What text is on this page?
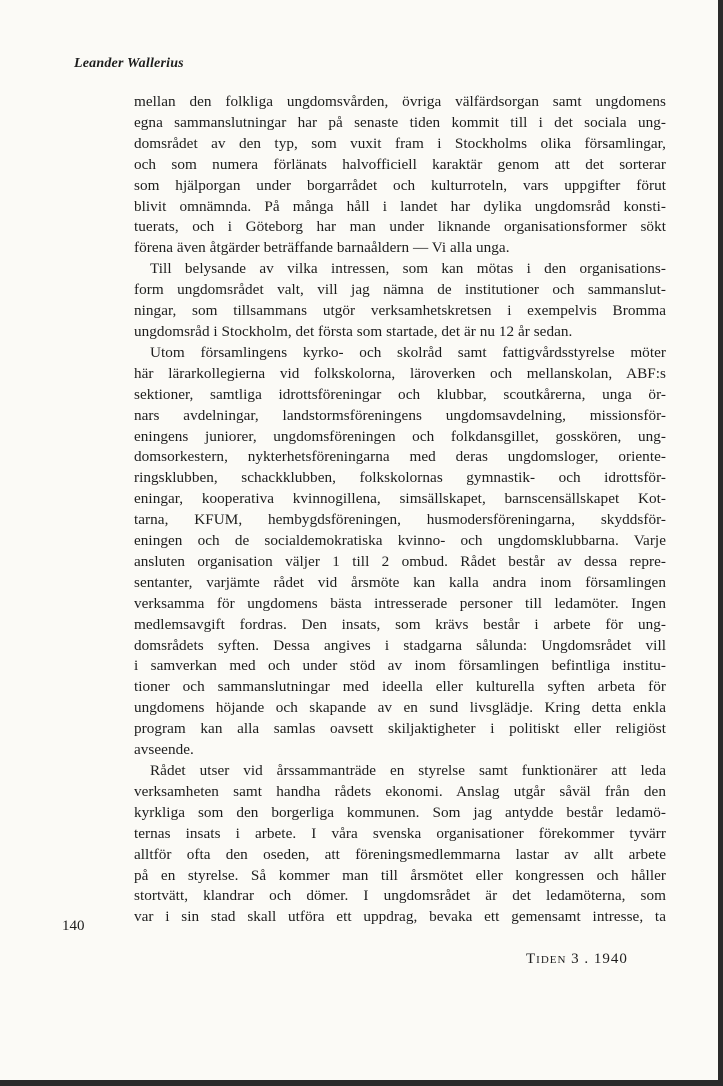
Leander Wallerius
mellan den folkliga ungdomsvården, övriga välfärdsorgan samt ungdomens
egna sammanslutningar har på senaste tiden kommit till i det sociala ung-
domsrådet av den typ, som vuxit fram i Stockholms olika församlingar,
och som numera förlänats halvofficiell karaktär genom att det sorterar
som hjälporgan under borgarrådet och kulturroteln, vars uppgifter förut
blivit omnämnda. På många håll i landet har dylika ungdomsråd konsti-
tuerats, och i Göteborg har man under liknande organisationsformer sökt
förena även åtgärder beträffande barnaåldern — Vi alla unga.
Till belysande av vilka intressen, som kan mötas i den organisations-
form ungdomsrådet valt, vill jag nämna de institutioner och sammanslut-
ningar, som tillsammans utgör verksamhetskretsen i exempelvis Bromma
ungdomsråd i Stockholm, det första som startade, det är nu 12 år sedan.
Utom församlingens kyrko- och skolråd samt fattigvårdsstyrelse möter
här lärarkollegierna vid folkskolorna, läroverken och mellanskolan, ABF:s
sektioner, samtliga idrottsföreningar och klubbar, scoutkårerna, unga ör-
nars avdelningar, landstormsföreningens ungdomsavdelning, missionsför-
eningens juniorer, ungdomsföreningen och folkdansgillet, gosskören, ung-
domsorkestern, nykterhetsföreningarna med deras ungdomsloger, oriente-
ringsklubben, schackklubben, folkskolornas gymnastik- och idrottsför-
eningar, kooperativa kvinnogillena, simsällskapet, barnscensällskapet Kot-
tarna, KFUM, hembygdsföreningen, husmodersföreningarna, skyddsför-
eningen och de socialdemokratiska kvinno- och ungdomsklubbarna. Varje
ansluten organisation väljer 1 till 2 ombud. Rådet består av dessa repre-
sentanter, varjämte rådet vid årsmöte kan kalla andra inom församlingen
verksamma för ungdomens bästa intresserade personer till ledamöter. Ingen
medlemsavgift fordras. Den insats, som krävs består i arbete för ung-
domsrådets syften. Dessa angives i stadgarna sålunda: Ungdomsrådet vill
i samverkan med och under stöd av inom församlingen befintliga institu-
tioner och sammanslutningar med ideella eller kulturella syften arbeta för
ungdomens höjande och skapande av en sund livsglädje. Kring detta enkla
program kan alla samlas oavsett skiljaktigheter i politiskt eller religiöst
avseende.
Rådet utser vid årssammanträde en styrelse samt funktionärer att leda
verksamheten samt handha rådets ekonomi. Anslag utgår såväl från den
kyrkliga som den borgerliga kommunen. Som jag antydde består ledamö-
ternas insats i arbete. I våra svenska organisationer förekommer tyvärr
alltför ofta den oseden, att föreningsmedlemmarna lastar av allt arbete
på en styrelse. Så kommer man till årsmötet eller kongressen och håller
stortvätt, klandrar och dömer. I ungdomsrådet är det ledamöterna, som
var i sin stad skall utföra ett uppdrag, bevaka ett gemensamt intresse, ta
140
Tiden 3 . 1940
